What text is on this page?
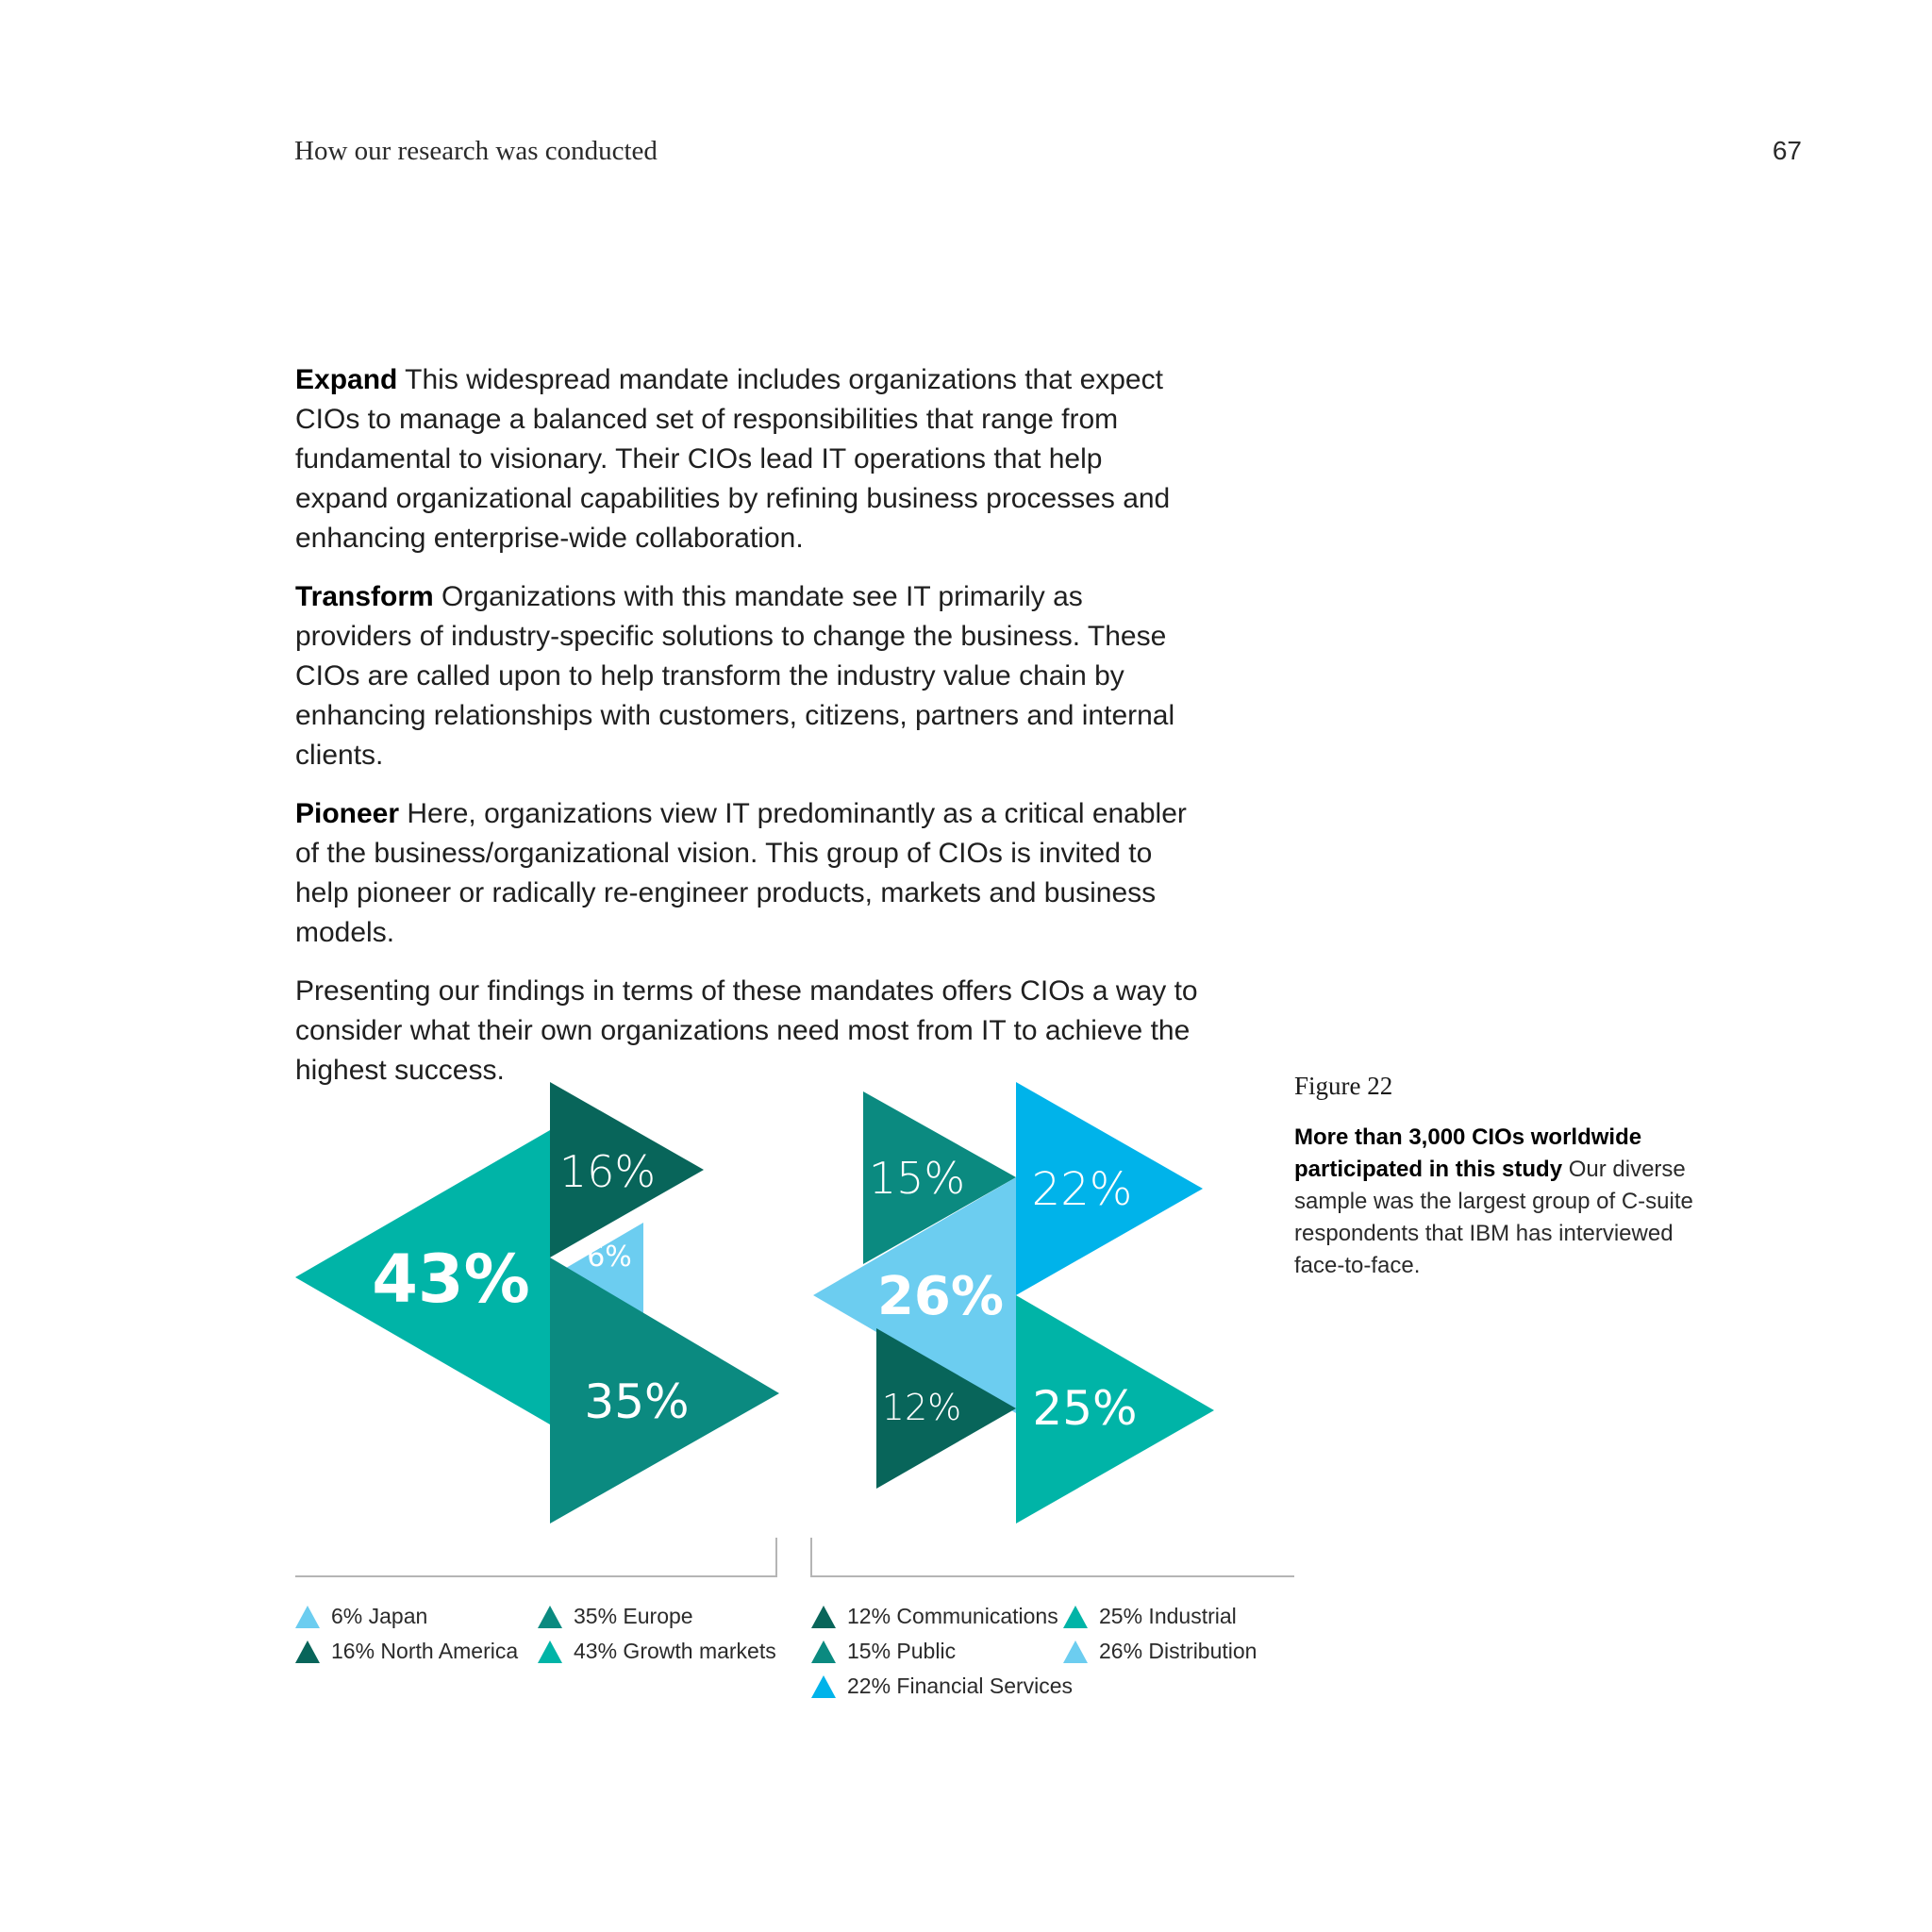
How our research was conducted	67

Expand This widespread mandate includes organizations that expect CIOs to manage a balanced set of responsibilities that range from fundamental to visionary. Their CIOs lead IT operations that help expand organizational capabilities by refining business processes and enhancing enterprise-wide collaboration.

Transform Organizations with this mandate see IT primarily as providers of industry-specific solutions to change the business. These CIOs are called upon to help transform the industry value chain by enhancing relationships with customers, citizens, partners and internal clients.

Pioneer Here, organizations view IT predominantly as a critical enabler of the business/organizational vision. This group of CIOs is invited to help pioneer or radically re-engineer products, markets and business models.

Presenting our findings in terms of these mandates offers CIOs a way to consider what their own organizations need most from IT to achieve the highest success.	Figure 22
More than 3,000 CIOs worldwide participated in this study Our diverse sample was the largest group of C-suite respondents that IBM has interviewed face-to-face.
16%
6%
43%
35%
15% 22%
26%
12% 25%
6% Japan
16% North America
35% Europe
43% Growth markets
12% Communications
15% Public
22% Financial Services
25% Industrial
26% Distribution
